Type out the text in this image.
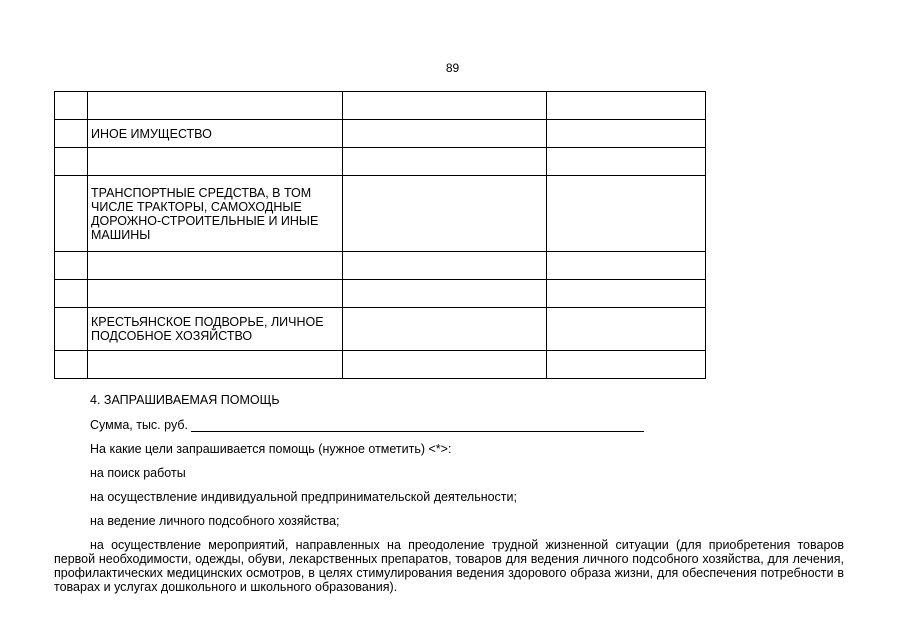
89

	ИНОЕ ИМУЩЕСТВО		

	ТРАНСПОРТНЫЕ СРЕДСТВА, В ТОМ ЧИСЛЕ ТРАКТОРЫ, САМОХОДНЫЕ ДОРОЖНО-СТРОИТЕЛЬНЫЕ И ИНЫЕ МАШИНЫ		

	КРЕСТЬЯНСКОЕ ПОДВОРЬЕ, ЛИЧНОЕ ПОДСОБНОЕ ХОЗЯЙСТВО		

4. ЗАПРАШИВАЕМАЯ ПОМОЩЬ

Сумма, тыс. руб.

На какие цели запрашивается помощь (нужное отметить) <*>:

на поиск работы

на осуществление индивидуальной предпринимательской деятельности;

на ведение личного подсобного хозяйства;

на осуществление мероприятий, направленных на преодоление трудной жизненной ситуации (для приобретения товаров первой необходимости, одежды, обуви, лекарственных препаратов, товаров для ведения личного подсобного хозяйства, для лечения, профилактических медицинских осмотров, в целях стимулирования ведения здорового образа жизни, для обеспечения потребности в товарах и услугах дошкольного и школьного образования).
